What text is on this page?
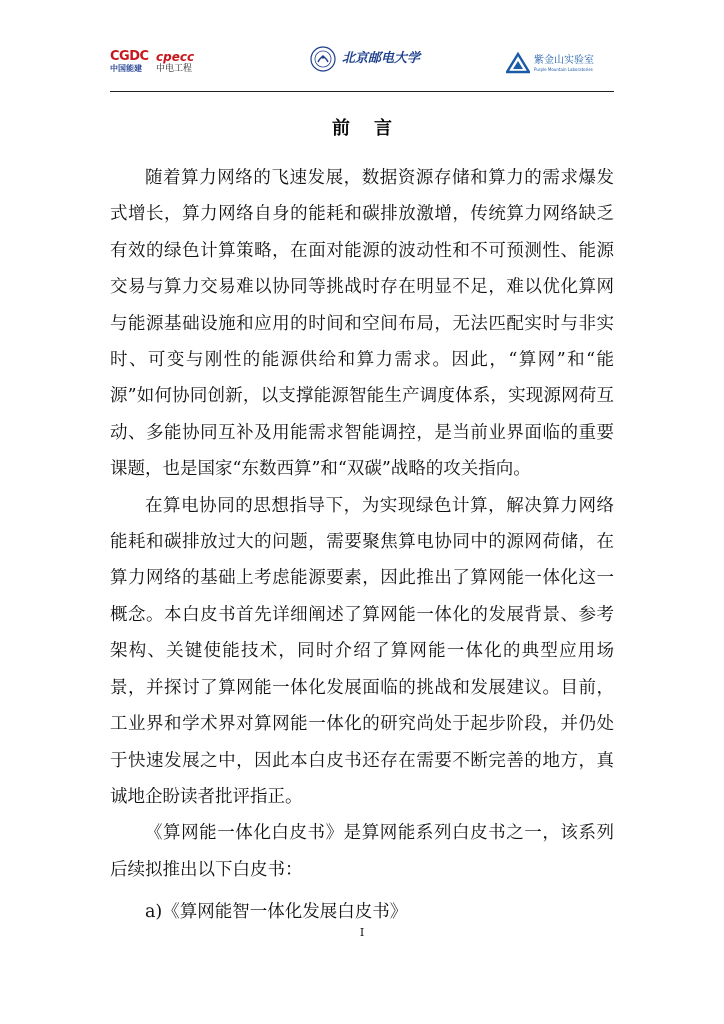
CGDC
中国能建
cpecc
中电工程
北京邮电大学	紫金山实验室
Purple Mountain Laboratories
前言

随着算力网络的飞速发展，数据资源存储和算力的需求爆发式增长，算力网络自身的能耗和碳排放激增，传统算力网络缺乏有效的绿色计算策略，在面对能源的波动性和不可预测性、能源交易与算力交易难以协同等挑战时存在明显不足，难以优化算网与能源基础设施和应用的时间和空间布局，无法匹配实时与非实时、可变与刚性的能源供给和算力需求。因此，“算网”和“能源”如何协同创新，以支撑能源智能生产调度体系，实现源网荷互动、多能协同互补及用能需求智能调控，是当前业界面临的重要课题，也是国家“东数西算”和“双碳”战略的攻关指向。

在算电协同的思想指导下，为实现绿色计算，解决算力网络能耗和碳排放过大的问题，需要聚焦算电协同中的源网荷储，在算力网络的基础上考虑能源要素，因此推出了算网能一体化这一概念。本白皮书首先详细阐述了算网能一体化的发展背景、参考架构、关键使能技术，同时介绍了算网能一体化的典型应用场景，并探讨了算网能一体化发展面临的挑战和发展建议。目前，工业界和学术界对算网能一体化的研究尚处于起步阶段，并仍处于快速发展之中，因此本白皮书还存在需要不断完善的地方，真诚地企盼读者批评指正。

《算网能一体化白皮书》是算网能系列白皮书之一，该系列后续拟推出以下白皮书：

a)《算网能智一体化发展白皮书》

I
